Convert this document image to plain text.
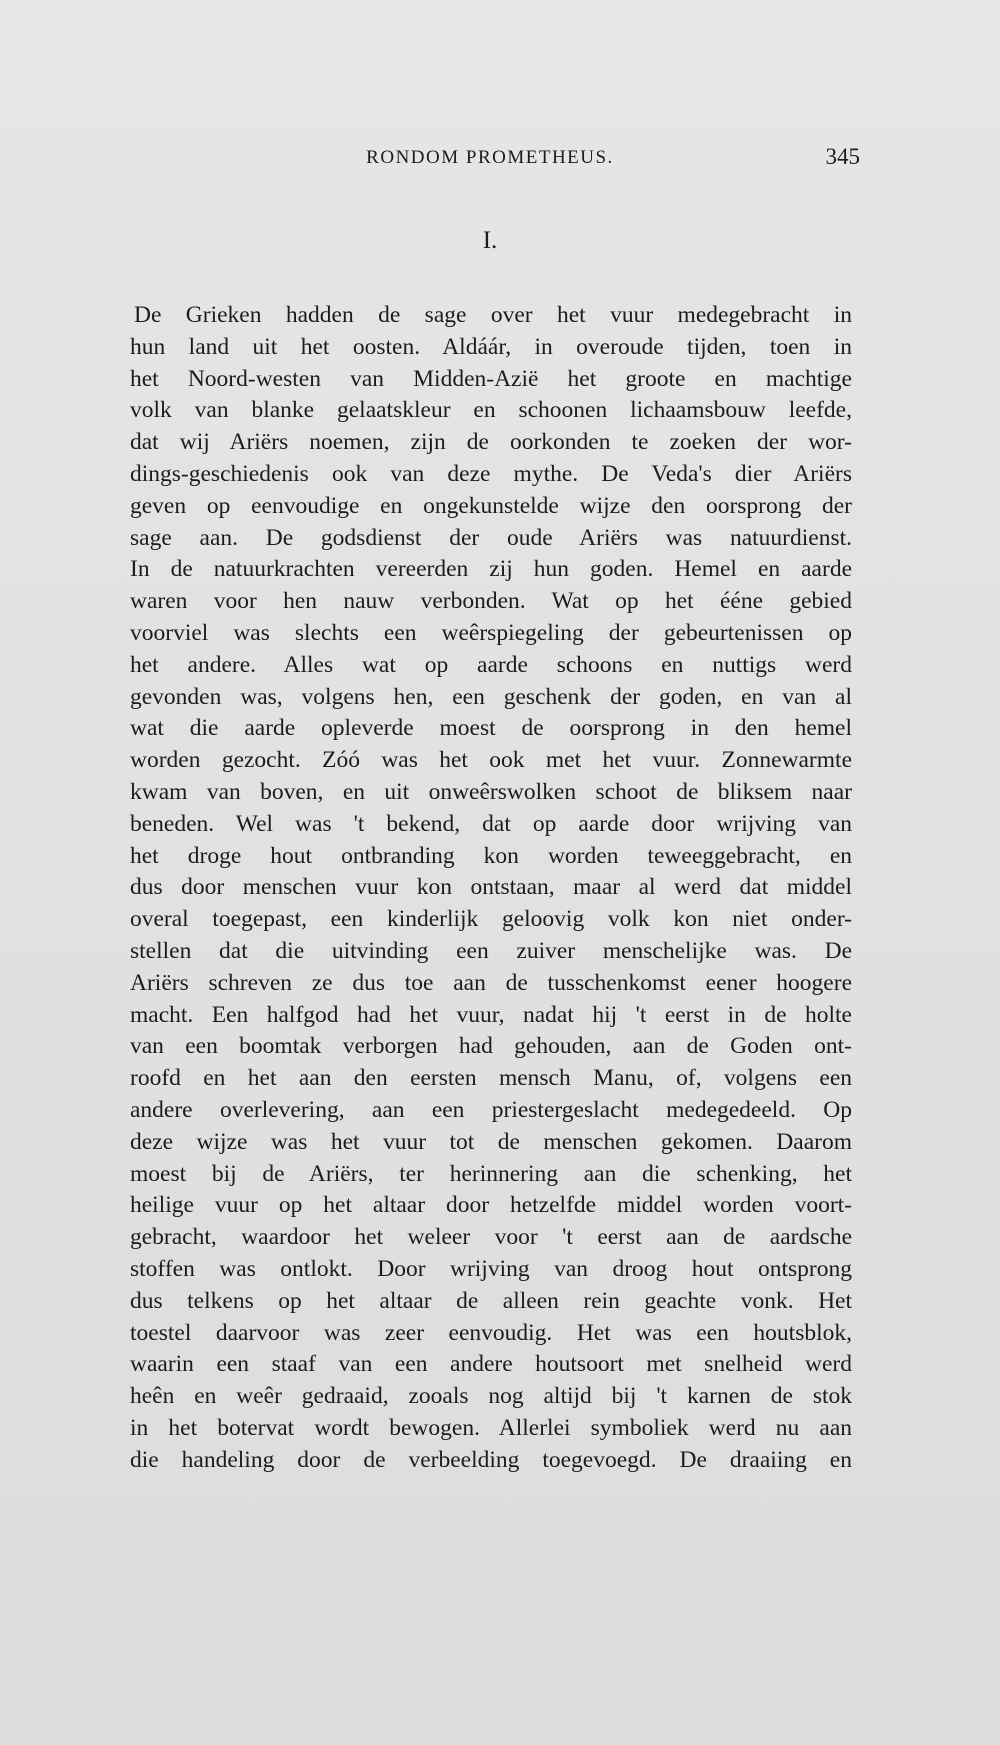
RONDOM PROMETHEUS.	345
I.
De Grieken hadden de sage over het vuur medegebracht in
hun land uit het oosten. Aldáár, in overoude tijden, toen in
het Noord-westen van Midden-Azië het groote en machtige
volk van blanke gelaatskleur en schoonen lichaamsbouw leefde,
dat wij Ariërs noemen, zijn de oorkonden te zoeken der wor-
dings-geschiedenis ook van deze mythe. De Veda's dier Ariërs
geven op eenvoudige en ongekunstelde wijze den oorsprong der
sage aan. De godsdienst der oude Ariërs was natuurdienst.
In de natuurkrachten vereerden zij hun goden. Hemel en aarde
waren voor hen nauw verbonden. Wat op het ééne gebied
voorviel was slechts een weêrspiegeling der gebeurtenissen op
het andere. Alles wat op aarde schoons en nuttigs werd
gevonden was, volgens hen, een geschenk der goden, en van al
wat die aarde opleverde moest de oorsprong in den hemel
worden gezocht. Zóó was het ook met het vuur. Zonnewarmte
kwam van boven, en uit onweêrswolken schoot de bliksem naar
beneden. Wel was 't bekend, dat op aarde door wrijving van
het droge hout ontbranding kon worden teweeggebracht, en
dus door menschen vuur kon ontstaan, maar al werd dat middel
overal toegepast, een kinderlijk geloovig volk kon niet onder-
stellen dat die uitvinding een zuiver menschelijke was. De
Ariërs schreven ze dus toe aan de tusschenkomst eener hoogere
macht. Een halfgod had het vuur, nadat hij 't eerst in de holte
van een boomtak verborgen had gehouden, aan de Goden ont-
roofd en het aan den eersten mensch Manu, of, volgens een
andere overlevering, aan een priestergeslacht medegedeeld. Op
deze wijze was het vuur tot de menschen gekomen. Daarom
moest bij de Ariërs, ter herinnering aan die schenking, het
heilige vuur op het altaar door hetzelfde middel worden voort-
gebracht, waardoor het weleer voor 't eerst aan de aardsche
stoffen was ontlokt. Door wrijving van droog hout ontsprong
dus telkens op het altaar de alleen rein geachte vonk. Het
toestel daarvoor was zeer eenvoudig. Het was een houtsblok,
waarin een staaf van een andere houtsoort met snelheid werd
heên en weêr gedraaid, zooals nog altijd bij 't karnen de stok
in het botervat wordt bewogen. Allerlei symboliek werd nu aan
die handeling door de verbeelding toegevoegd. De draaiing en
